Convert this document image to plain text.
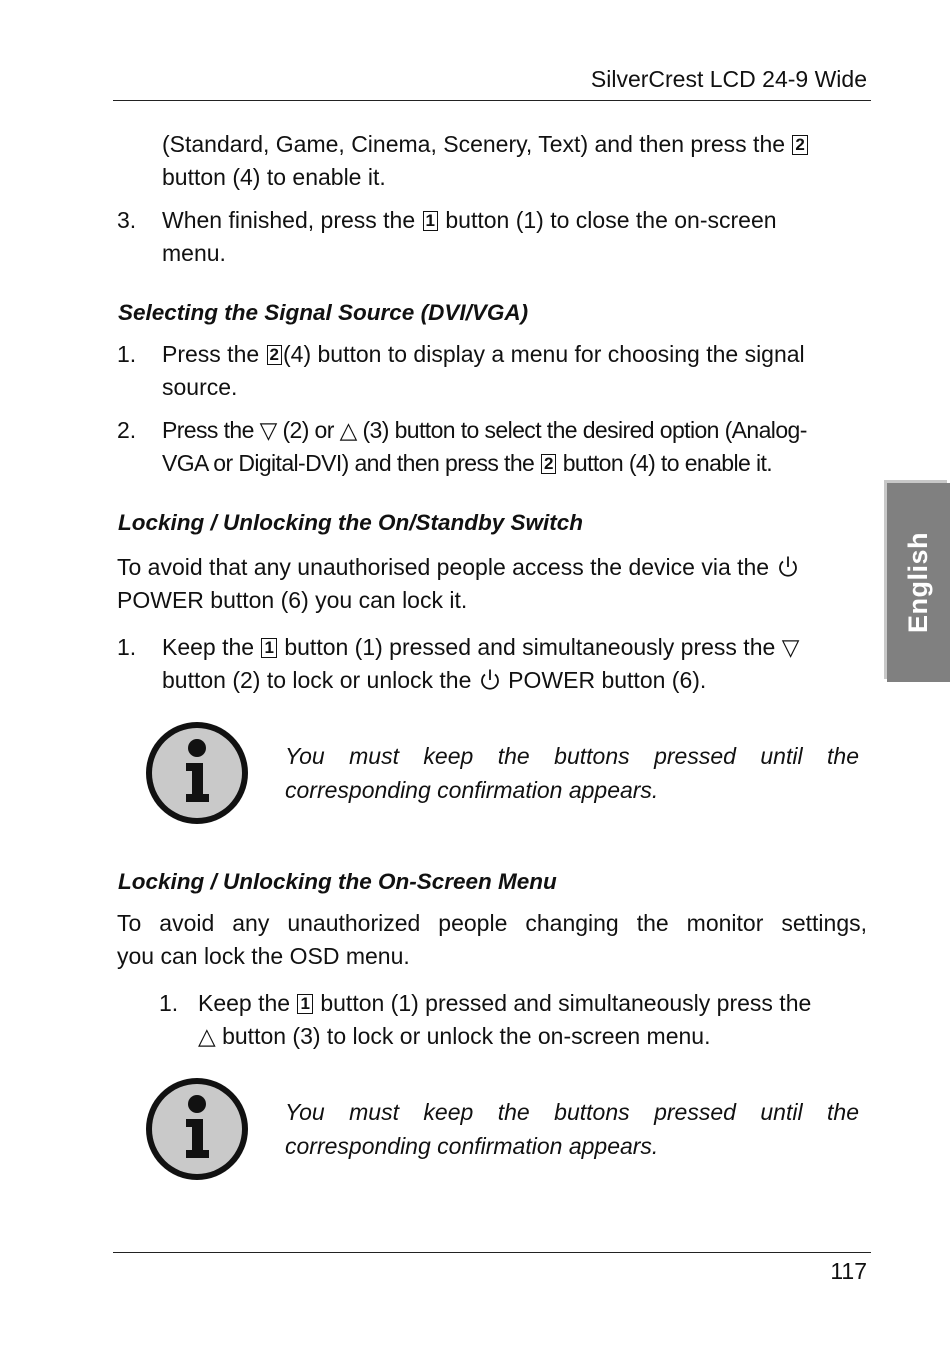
SilverCrest LCD 24-9 Wide
English
(Standard, Game, Cinema, Scenery, Text) and then press the 2
button (4) to enable it.
3. When finished, press the 1 button (1) to close the on-screen
menu.
Selecting the Signal Source (DVI/VGA)
1. Press the 2 (4) button to display a menu for choosing the signal
source.
2. Press the ▽ (2) or △ (3) button to select the desired option (Analog-
VGA or Digital-DVI) and then press the 2 button (4) to enable it.
Locking / Unlocking the On/Standby Switch
To avoid that any unauthorised people access the device via the
POWER button (6) you can lock it.
1. Keep the 1 button (1) pressed and simultaneously press the ▽
button (2) to lock or unlock the POWER button (6).
You must keep the buttons pressed until the
corresponding confirmation appears.
Locking / Unlocking the On-Screen Menu
To avoid any unauthorized people changing the monitor settings,
you can lock the OSD menu.
1. Keep the 1 button (1) pressed and simultaneously press the
△ button (3) to lock or unlock the on-screen menu.
You must keep the buttons pressed until the
corresponding confirmation appears.
117
